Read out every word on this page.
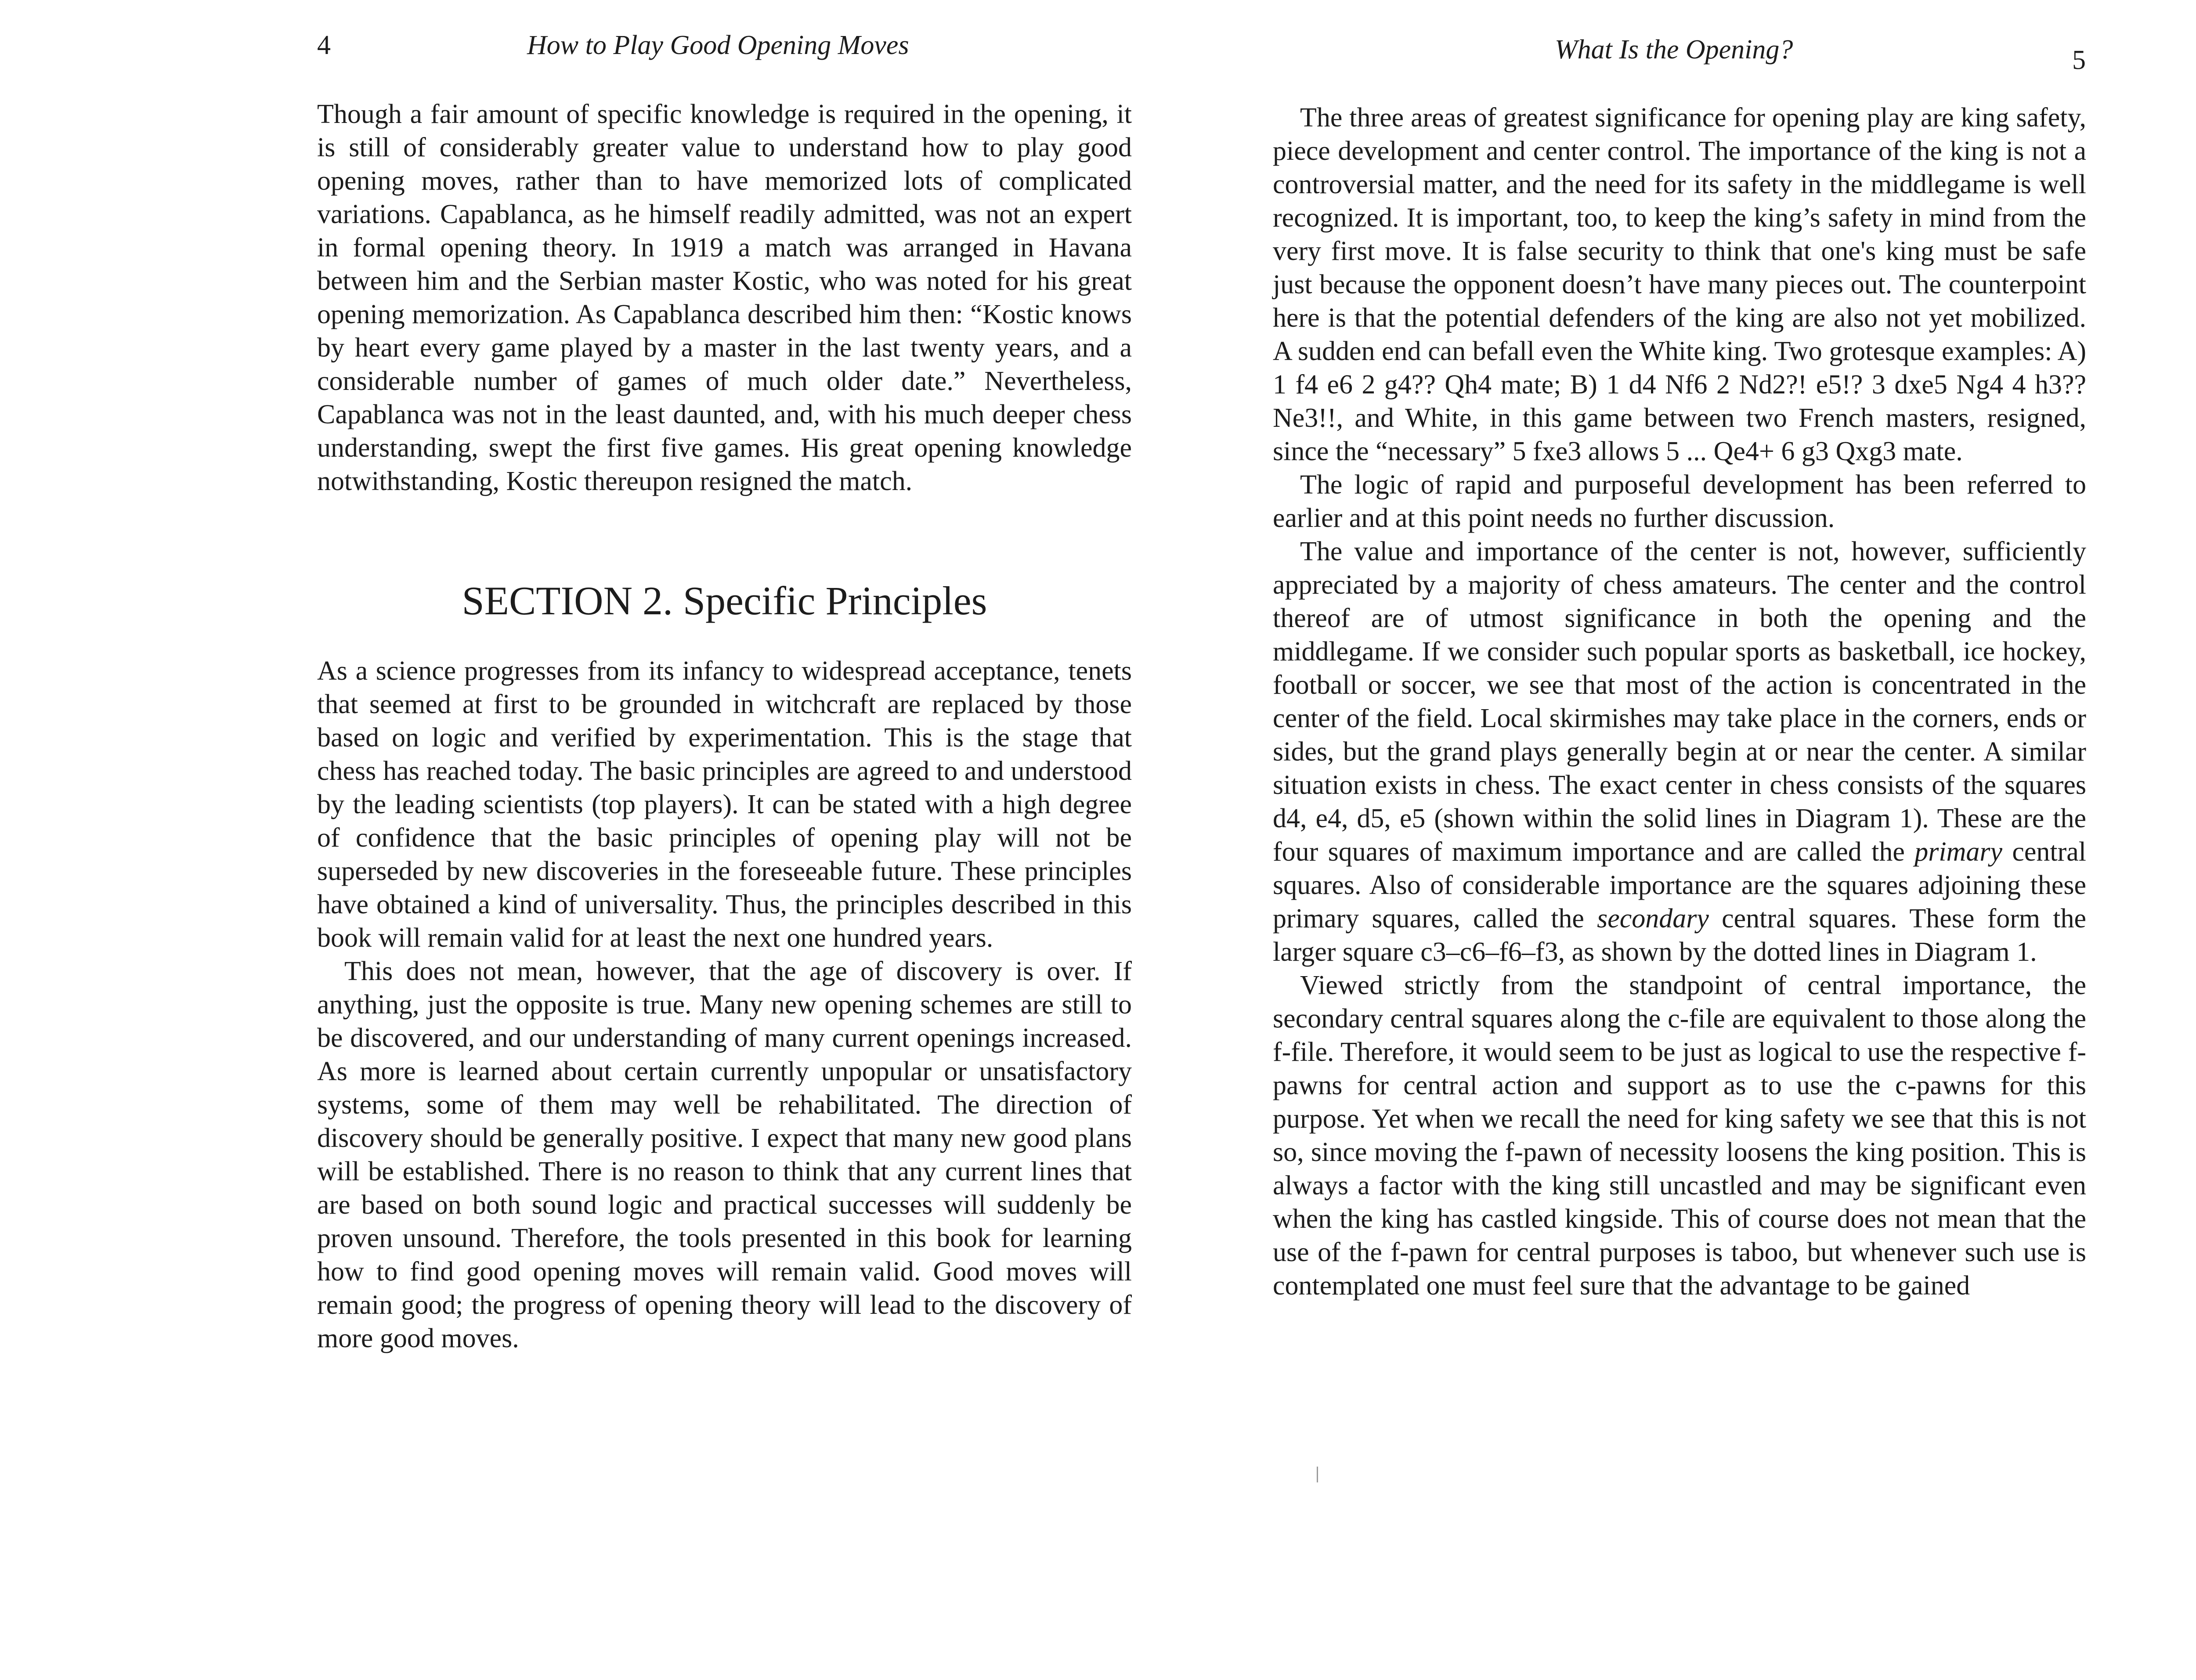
4	How to Play Good Opening Moves

Though a fair amount of specific knowledge is required in the opening, it is still of considerably greater value to understand how to play good opening moves, rather than to have memorized lots of complicated variations. Capablanca, as he himself readily admitted, was not an expert in formal opening theory. In 1919 a match was arranged in Havana between him and the Serbian master Kostic, who was noted for his great opening memorization. As Capablanca described him then: “Kostic knows by heart every game played by a master in the last twenty years, and a considerable number of games of much older date.” Nevertheless, Capablanca was not in the least daunted, and, with his much deeper chess understanding, swept the first five games. His great opening knowledge notwithstanding, Kostic thereupon resigned the match.

SECTION 2. Specific Principles

As a science progresses from its infancy to widespread acceptance, tenets that seemed at first to be grounded in witchcraft are replaced by those based on logic and verified by experimentation. This is the stage that chess has reached today. The basic principles are agreed to and understood by the leading scientists (top players). It can be stated with a high degree of confidence that the basic principles of opening play will not be superseded by new discoveries in the foreseeable future. These principles have obtained a kind of universality. Thus, the principles described in this book will remain valid for at least the next one hundred years.

This does not mean, however, that the age of discovery is over. If anything, just the opposite is true. Many new opening schemes are still to be discovered, and our understanding of many current openings increased. As more is learned about certain currently unpopular or unsatisfactory systems, some of them may well be rehabilitated. The direction of discovery should be generally positive. I expect that many new good plans will be established. There is no reason to think that any current lines that are based on both sound logic and practical successes will suddenly be proven unsound. Therefore, the tools presented in this book for learning how to find good opening moves will remain valid. Good moves will remain good; the progress of opening theory will lead to the discovery of more good moves.

What Is the Opening?	5

The three areas of greatest significance for opening play are king safety, piece development and center control. The importance of the king is not a controversial matter, and the need for its safety in the middlegame is well recognized. It is important, too, to keep the king’s safety in mind from the very first move. It is false security to think that one's king must be safe just because the opponent doesn’t have many pieces out. The counterpoint here is that the potential defenders of the king are also not yet mobilized. A sudden end can befall even the White king. Two grotesque examples: A) 1 f4 e6 2 g4?? Qh4 mate; B) 1 d4 Nf6 2 Nd2?! e5!? 3 dxe5 Ng4 4 h3?? Ne3!!, and White, in this game between two French masters, resigned, since the “necessary” 5 fxe3 allows 5 ... Qe4+ 6 g3 Qxg3 mate.

The logic of rapid and purposeful development has been referred to earlier and at this point needs no further discussion.

The value and importance of the center is not, however, sufficiently appreciated by a majority of chess amateurs. The center and the control thereof are of utmost significance in both the opening and the middlegame. If we consider such popular sports as basketball, ice hockey, football or soccer, we see that most of the action is concentrated in the center of the field. Local skirmishes may take place in the corners, ends or sides, but the grand plays generally begin at or near the center. A similar situation exists in chess. The exact center in chess consists of the squares d4, e4, d5, e5 (shown within the solid lines in Diagram 1). These are the four squares of maximum importance and are called the primary central squares. Also of considerable importance are the squares adjoining these primary squares, called the secondary central squares. These form the larger square c3–c6–f6–f3, as shown by the dotted lines in Diagram 1.

Viewed strictly from the standpoint of central importance, the secondary central squares along the c-file are equivalent to those along the f-file. Therefore, it would seem to be just as logical to use the respective f-pawns for central action and support as to use the c-pawns for this purpose. Yet when we recall the need for king safety we see that this is not so, since moving the f-pawn of necessity loosens the king position. This is always a factor with the king still uncastled and may be significant even when the king has castled kingside. This of course does not mean that the use of the f-pawn for central purposes is taboo, but whenever such use is contemplated one must feel sure that the advantage to be gained
